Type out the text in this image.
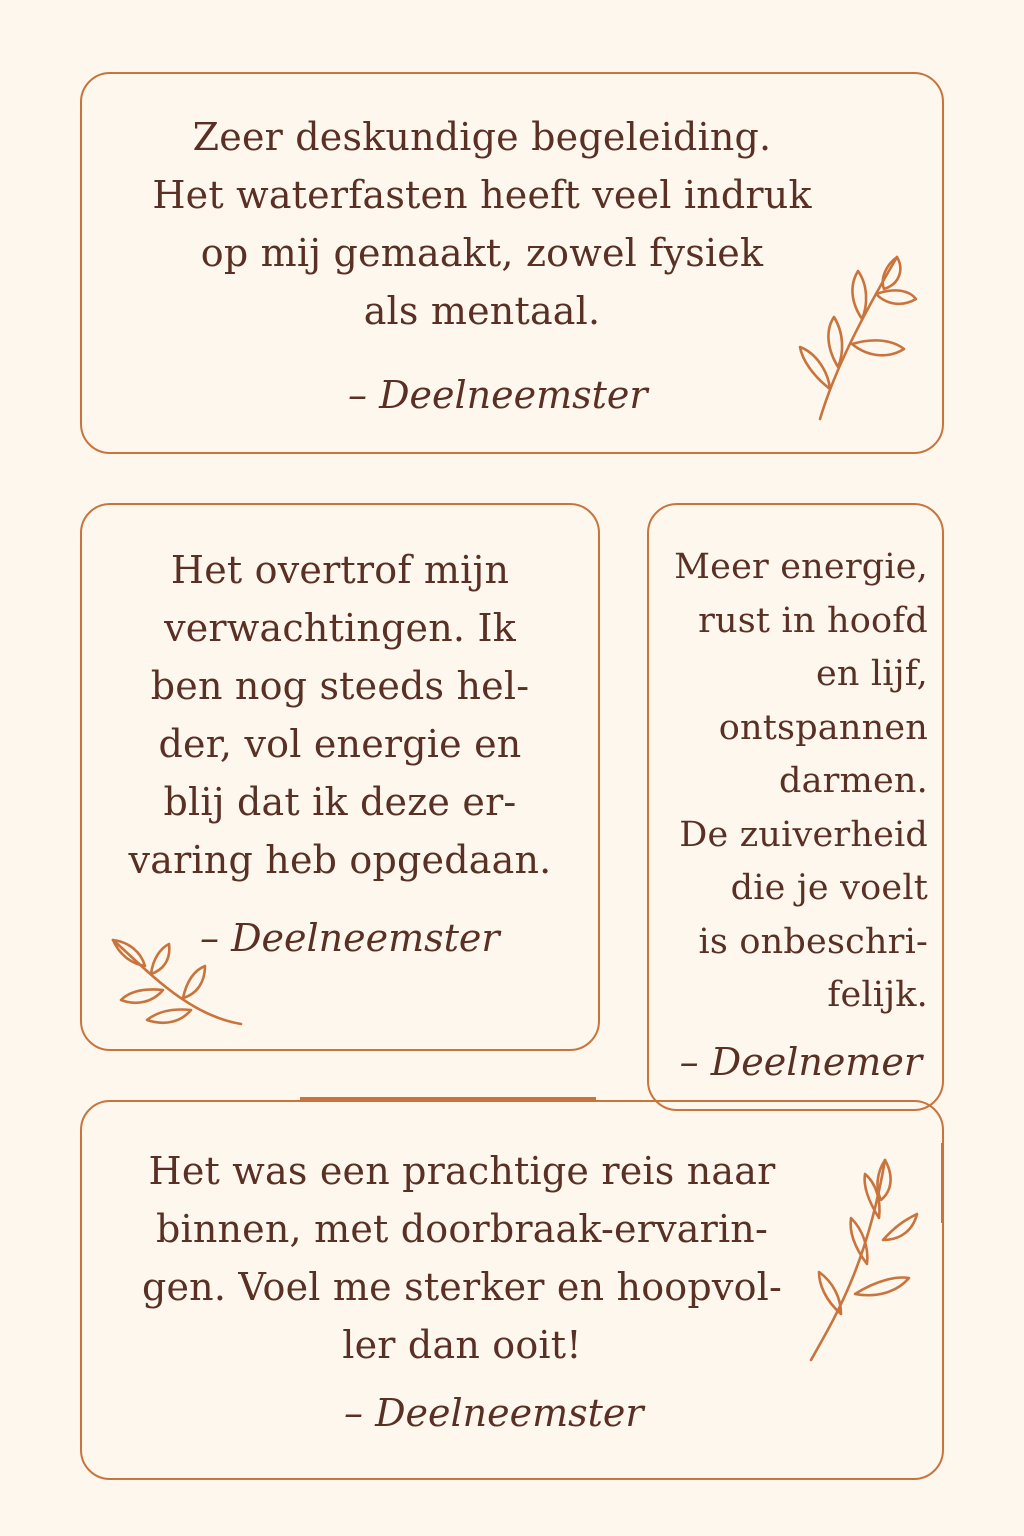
Zeer deskundige begeleiding.
Het waterfasten heeft veel indruk
op mij gemaakt, zowel fysiek
als mentaal.
– Deelneemster
Het overtrof mijn
verwachtingen. Ik
ben nog steeds hel-
der, vol energie en
blij dat ik deze er-
varing heb opgedaan.
– Deelneemster
Meer energie,
rust in hoofd
en lijf,
ontspannen
darmen.
De zuiverheid
die je voelt
is onbeschri-
felijk.
– Deelnemer
Het was een prachtige reis naar
binnen, met doorbraak-ervarin-
gen. Voel me sterker en hoopvol-
ler dan ooit!
– Deelneemster
